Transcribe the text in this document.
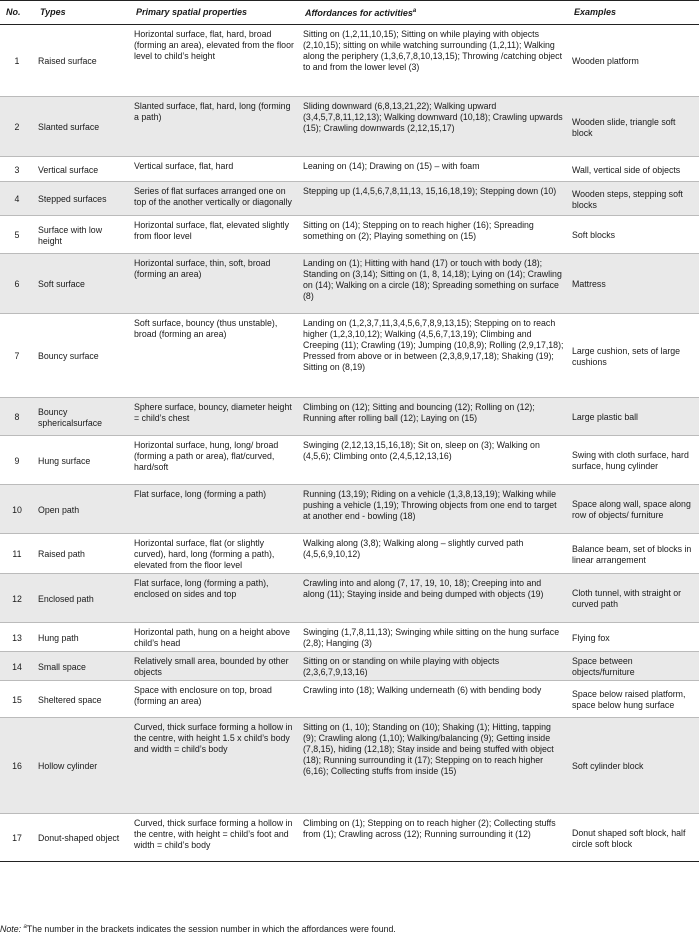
No.	Types	Primary spatial properties	Affordances for activities$^a$	Examples
1	Raised surface	Horizontal surface, flat, hard, broad (forming an area), elevated from the floor level to child’s height	Sitting on (1,2,11,10,15); Sitting on while playing with objects (2,10,15); sitting on while watching surrounding (1,2,11); Walking along the periphery (1,3,6,7,8,10,13,15); Throwing /catching object to and from the lower level (3)	Wooden platform
2	Slanted surface	Slanted surface, flat, hard, long (forming a path)	Sliding downward (6,8,13,21,22); Walking upward (3,4,5,7,8,11,12,13); Walking downward (10,18); Crawling upwards (15); Crawling downwards (2,12,15,17)	Wooden slide, triangle soft block
3	Vertical surface	Vertical surface, flat, hard	Leaning on (14); Drawing on (15) – with foam	Wall, vertical side of objects
4	Stepped surfaces	Series of flat surfaces arranged one on top of the another vertically or diagonally	Stepping up (1,4,5,6,7,8,11,13, 15,16,18,19); Stepping down (10)	Wooden steps, stepping soft blocks
5	Surface with low height	Horizontal surface, flat, elevated slightly from floor level	Sitting on (14); Stepping on to reach higher (16); Spreading something on (2); Playing something on (15)	Soft blocks
6	Soft surface	Horizontal surface, thin, soft, broad (forming an area)	Landing on (1); Hitting with hand (17) or touch with body (18); Standing on (3,14); Sitting on (1, 8, 14,18); Lying on (14); Crawling on (14); Walking on a circle (18); Spreading something on surface (8)	Mattress
7	Bouncy surface	Soft surface, bouncy (thus unstable), broad (forming an area)	Landing on (1,2,3,7,11,3,4,5,6,7,8,9,13,15); Stepping on to reach higher (1,2,3,10,12); Walking (4,5,6,7,13,19); Climbing and Creeping (11); Crawling (19); Jumping (10,8,9); Rolling (2,9,17,18); Pressed from above or in between (2,3,8,9,17,18); Shaking (19); Sitting on (8,19)	Large cushion, sets of large cushions
8	Bouncy sphericalsurface	Sphere surface, bouncy, diameter height = child’s chest	Climbing on (12); Sitting and bouncing (12); Rolling on (12); Running after rolling ball (12); Laying on (15)	Large plastic ball
9	Hung surface	Horizontal surface, hung, long/ broad (forming a path or area), flat/curved, hard/soft	Swinging (2,12,13,15,16,18); Sit on, sleep on (3); Walking on (4,5,6); Climbing onto (2,4,5,12,13,16)	Swing with cloth surface, hard surface, hung cylinder
10	Open path	Flat surface, long (forming a path)	Running (13,19); Riding on a vehicle (1,3,8,13,19); Walking while pushing a vehicle (1,19); Throwing objects from one end to target at another end - bowling (18)	Space along wall, space along row of objects/ furniture
11	Raised path	Horizontal surface, flat (or slightly curved), hard, long (forming a path), elevated from the floor level	Walking along (3,8); Walking along – slightly curved path (4,5,6,9,10,12)	Balance beam, set of blocks in linear arrangement
12	Enclosed path	Flat surface, long (forming a path), enclosed on sides and top	Crawling into and along (7, 17, 19, 10, 18); Creeping into and along (11); Staying inside and being dumped with objects (19)	Cloth tunnel, with straight or curved path
13	Hung path	Horizontal path, hung on a height above child’s head	Swinging (1,7,8,11,13); Swinging while sitting on the hung surface (2,8); Hanging (3)	Flying fox
14	Small space	Relatively small area, bounded by other objects	Sitting on or standing on while playing with objects (2,3,6,7,9,13,16)	Space between objects/furniture
15	Sheltered space	Space with enclosure on top, broad (forming an area)	Crawling into (18); Walking underneath (6) with bending body	Space below raised platform, space below hung surface
16	Hollow cylinder	Curved, thick surface forming a hollow in the centre, with height 1.5 x child’s body and width = child’s body	Sitting on (1, 10); Standing on (10); Shaking (1); Hitting, tapping (9); Crawling along (1,10); Walking/balancing (9); Getting inside (7,8,15), hiding (12,18); Stay inside and being stuffed with object (18); Running surrounding it (17); Stepping on to reach higher (6,16); Collecting stuffs from inside (15)	Soft cylinder block
17	Donut-shaped object	Curved, thick surface forming a hollow in the centre, with height = child’s foot and width = child’s body	Climbing on (1); Stepping on to reach higher (2); Collecting stuffs from (1); Crawling across (12); Running surrounding it (12)	Donut shaped soft block, half circle soft block
Note: $^a$The number in the brackets indicates the session number in which the affordances were found.
